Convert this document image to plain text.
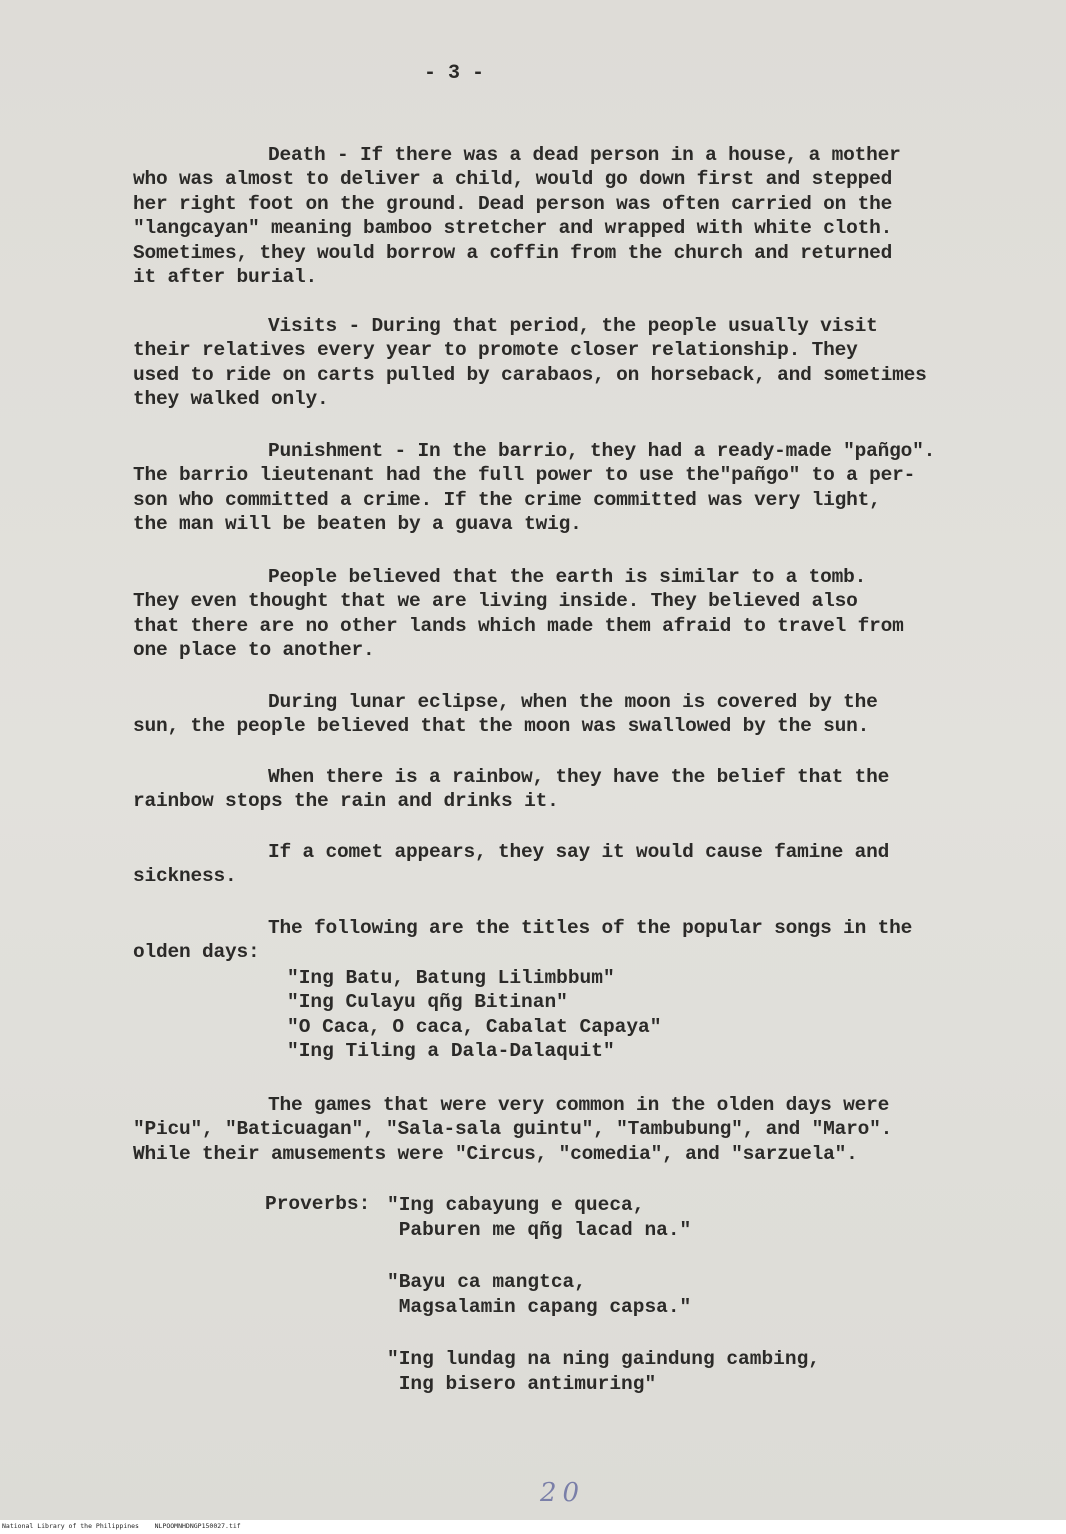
- 3 -
Death - If there was a dead person in a house, a mother
who was almost to deliver a child, would go down first and stepped
her right foot on the ground. Dead person was often carried on the
"langcayan" meaning bamboo stretcher and wrapped with white cloth.
Sometimes, they would borrow a coffin from the church and returned
it after burial.
Visits - During that period, the people usually visit
their relatives every year to promote closer relationship. They
used to ride on carts pulled by carabaos, on horseback, and sometimes
they walked only.
Punishment - In the barrio, they had a ready-made "pañgo".
The barrio lieutenant had the full power to use the"pañgo" to a per-
son who committed a crime. If the crime committed was very light,
the man will be beaten by a guava twig.
People believed that the earth is similar to a tomb.
They even thought that we are living inside. They believed also
that there are no other lands which made them afraid to travel from
one place to another.
During lunar eclipse, when the moon is covered by the
sun, the people believed that the moon was swallowed by the sun.
When there is a rainbow, they have the belief that the
rainbow stops the rain and drinks it.
If a comet appears, they say it would cause famine and
sickness.
The following are the titles of the popular songs in the
olden days:
"Ing Batu, Batung Lilimbbum"
"Ing Culayu qñg Bitinan"
"O Caca, O caca, Cabalat Capaya"
"Ing Tiling a Dala-Dalaquit"
The games that were very common in the olden days were
"Picu", "Baticuagan", "Sala-sala guintu", "Tambubung", and "Maro".
While their amusements were "Circus, "comedia", and "sarzuela".
Proverbs: "Ing cabayung e queca,
Paburen me qñg lacad na."
"Bayu ca mangtca,
Magsalamin capang capsa."
"Ing lundag na ning gaindung cambing,
Ing bisero antimuring"
20
National Library of the Philippines    NLPOOMNHDNGP150027.tif
